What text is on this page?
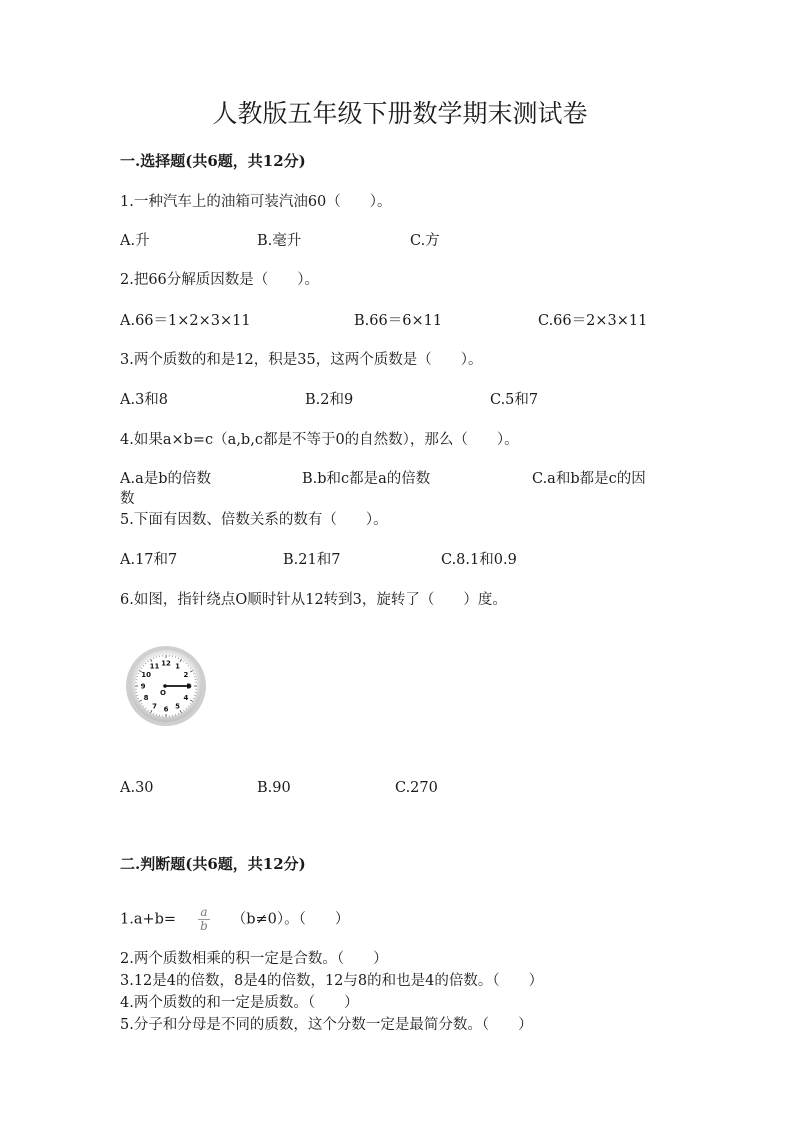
人教版五年级下册数学期末测试卷
一.选择题(共6题，共12分)
1.一种汽车上的油箱可装汽油60（　　）。
A.升	B.毫升	C.方
2.把66分解质因数是（　　）。
A.66＝1×2×3×11	B.66＝6×11	C.66＝2×3×11
3.两个质数的和是12，积是35，这两个质数是（　　）。
A.3和8	B.2和9	C.5和7
4.如果a×b=c（a,b,c都是不等于0的自然数），那么（　　）。
A.a是b的倍数	B.b和c都是a的倍数	C.a和b都是c的因
数
5.下面有因数、倍数关系的数有（　　）。
A.17和7	B.21和7	C.8.1和0.9
6.如图，指针绕点O顺时针从12转到3，旋转了（　　）度。
12 1
2
4
5
6
7
8
9
10
11
O
A.30	B.90	C.270
二.判断题(共6题，共12分)
$1.a+b= \frac{a}{b} (b\ne 0)$。（　　）
2.两个质数相乘的积一定是合数。（　　）
3.12是4的倍数，8是4的倍数，12与8的和也是4的倍数。（　　）
4.两个质数的和一定是质数。（　　）
5.分子和分母是不同的质数，这个分数一定是最简分数。（　　）
